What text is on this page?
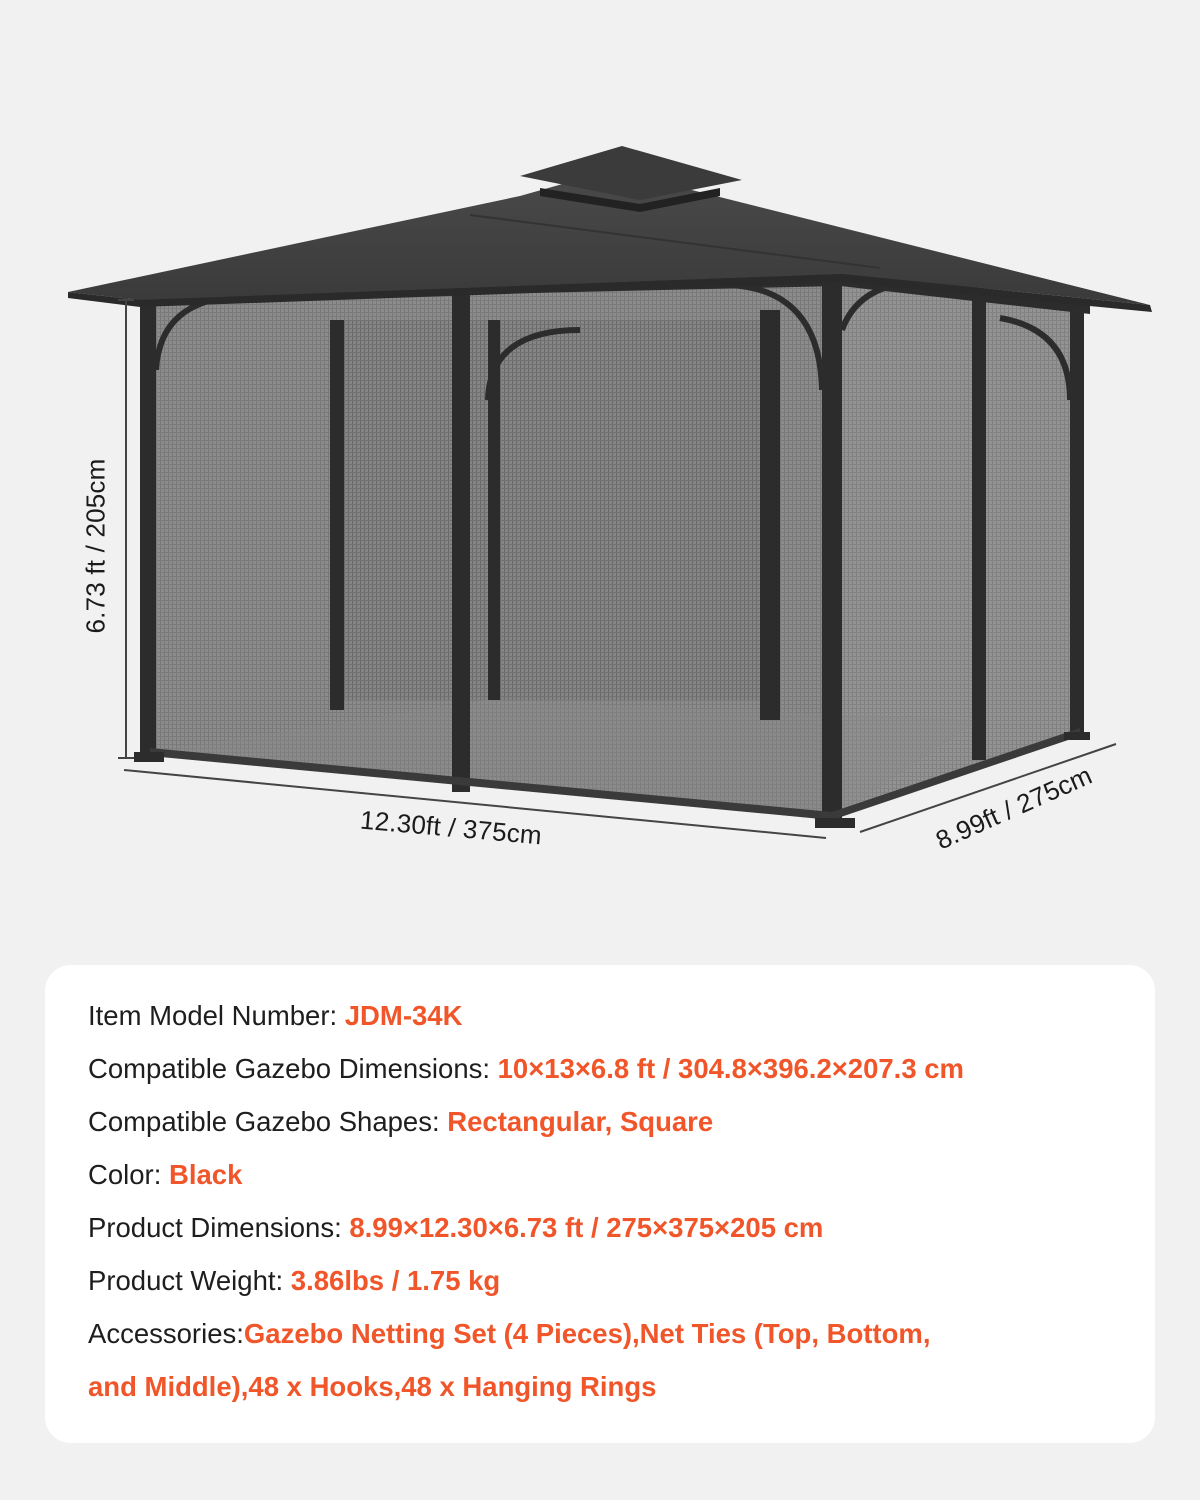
6.73 ft / 205cm
12.30ft / 375cm	8.99ft / 275cm
Item Model Number: JDM-34K
Compatible Gazebo Dimensions: 10×13×6.8 ft / 304.8×396.2×207.3 cm
Compatible Gazebo Shapes: Rectangular, Square
Color: Black
Product Dimensions: 8.99×12.30×6.73 ft / 275×375×205 cm
Product Weight: 3.86lbs / 1.75 kg
Accessories:Gazebo Netting Set (4 Pieces),Net Ties (Top, Bottom,
and Middle),48 x Hooks,48 x Hanging Rings
